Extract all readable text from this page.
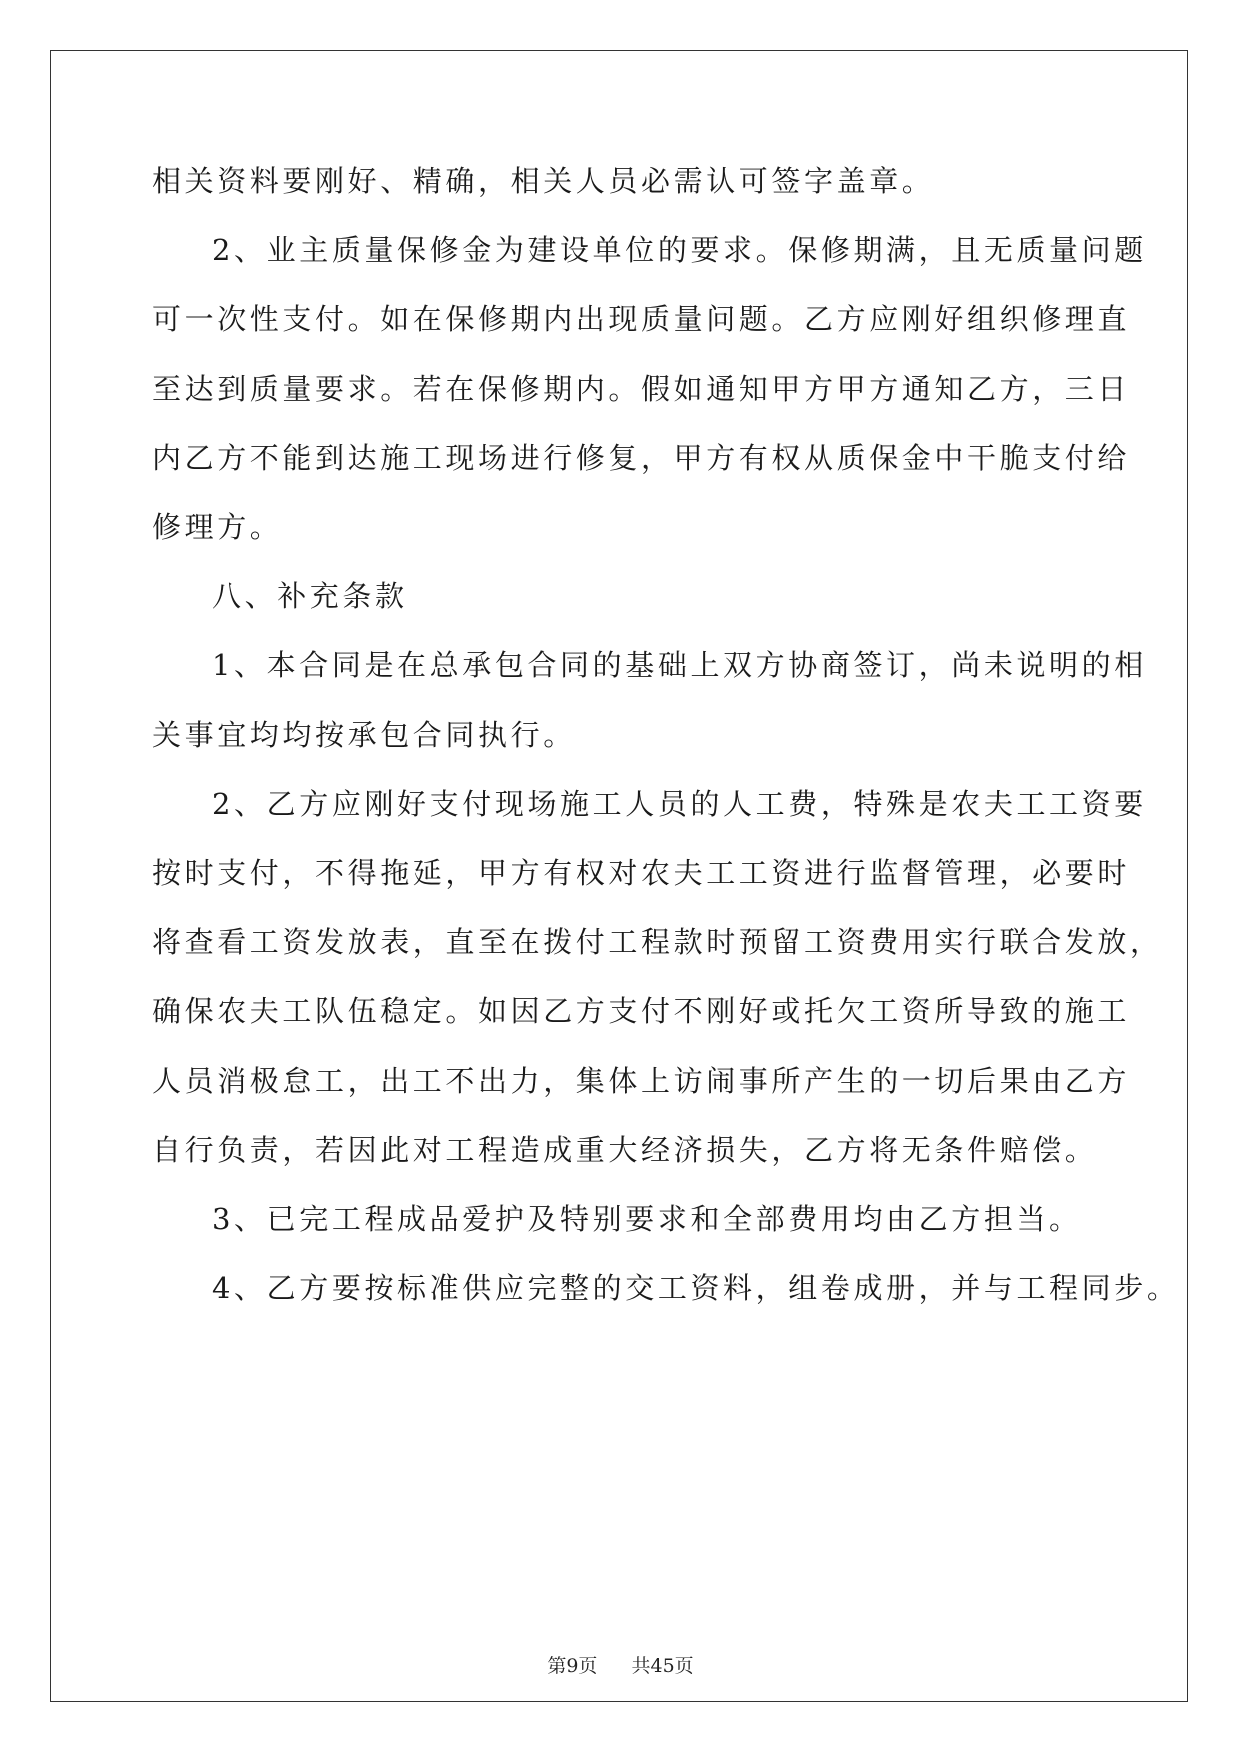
相关资料要刚好、精确，相关人员必需认可签字盖章。
2、业主质量保修金为建设单位的要求。保修期满，且无质量问题
可一次性支付。如在保修期内出现质量问题。乙方应刚好组织修理直
至达到质量要求。若在保修期内。假如通知甲方甲方通知乙方，三日
内乙方不能到达施工现场进行修复，甲方有权从质保金中干脆支付给
修理方。
八、补充条款
1、本合同是在总承包合同的基础上双方协商签订，尚未说明的相
关事宜均均按承包合同执行。
2、乙方应刚好支付现场施工人员的人工费，特殊是农夫工工资要
按时支付，不得拖延，甲方有权对农夫工工资进行监督管理，必要时
将查看工资发放表，直至在拨付工程款时预留工资费用实行联合发放，
确保农夫工队伍稳定。如因乙方支付不刚好或托欠工资所导致的施工
人员消极怠工，出工不出力，集体上访闹事所产生的一切后果由乙方
自行负责，若因此对工程造成重大经济损失，乙方将无条件赔偿。
3、已完工程成品爱护及特别要求和全部费用均由乙方担当。
4、乙方要按标准供应完整的交工资料，组卷成册，并与工程同步。
第9页 共45页
